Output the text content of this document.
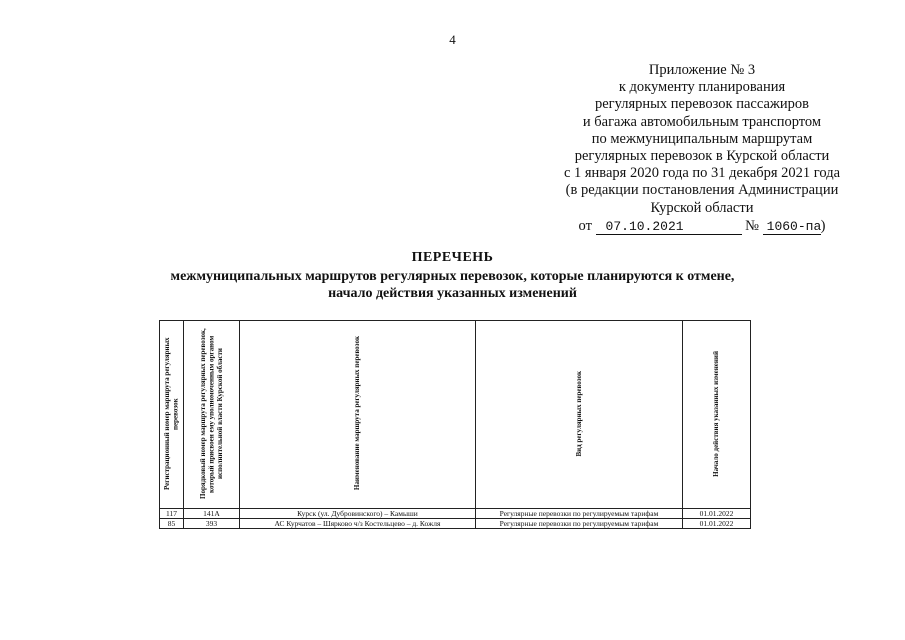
4
Приложение № 3
к документу планирования
регулярных перевозок пассажиров
и багажа автомобильным транспортом
по межмуниципальным маршрутам
регулярных перевозок в Курской области
с 1 января 2020 года по 31 декабря 2021 года
(в редакции постановления Администрации
Курской области
от 07.10.2021	№ 1060-па)
ПЕРЕЧЕНЬ
межмуниципальных маршрутов регулярных перевозок, которые планируются к отмене,
начало действия указанных изменений
Регистрационный номер маршрута регулярных перевозок	Порядковый номер маршрута регулярных перевозок, который присвоен ему уполномоченным органом исполнительной власти Курской области	Наименование маршрута регулярных перевозок	Вид регулярных перевозок	Начало действия указанных изменений
117	141А	Курск (ул. Дубровинского) – Камыши	Регулярные перевозки по регулируемым тарифам	01.01.2022
85	393	АС Курчатов – Шярково ч/з Костельцево – д. Кожля	Регулярные перевозки по регулируемым тарифам	01.01.2022
